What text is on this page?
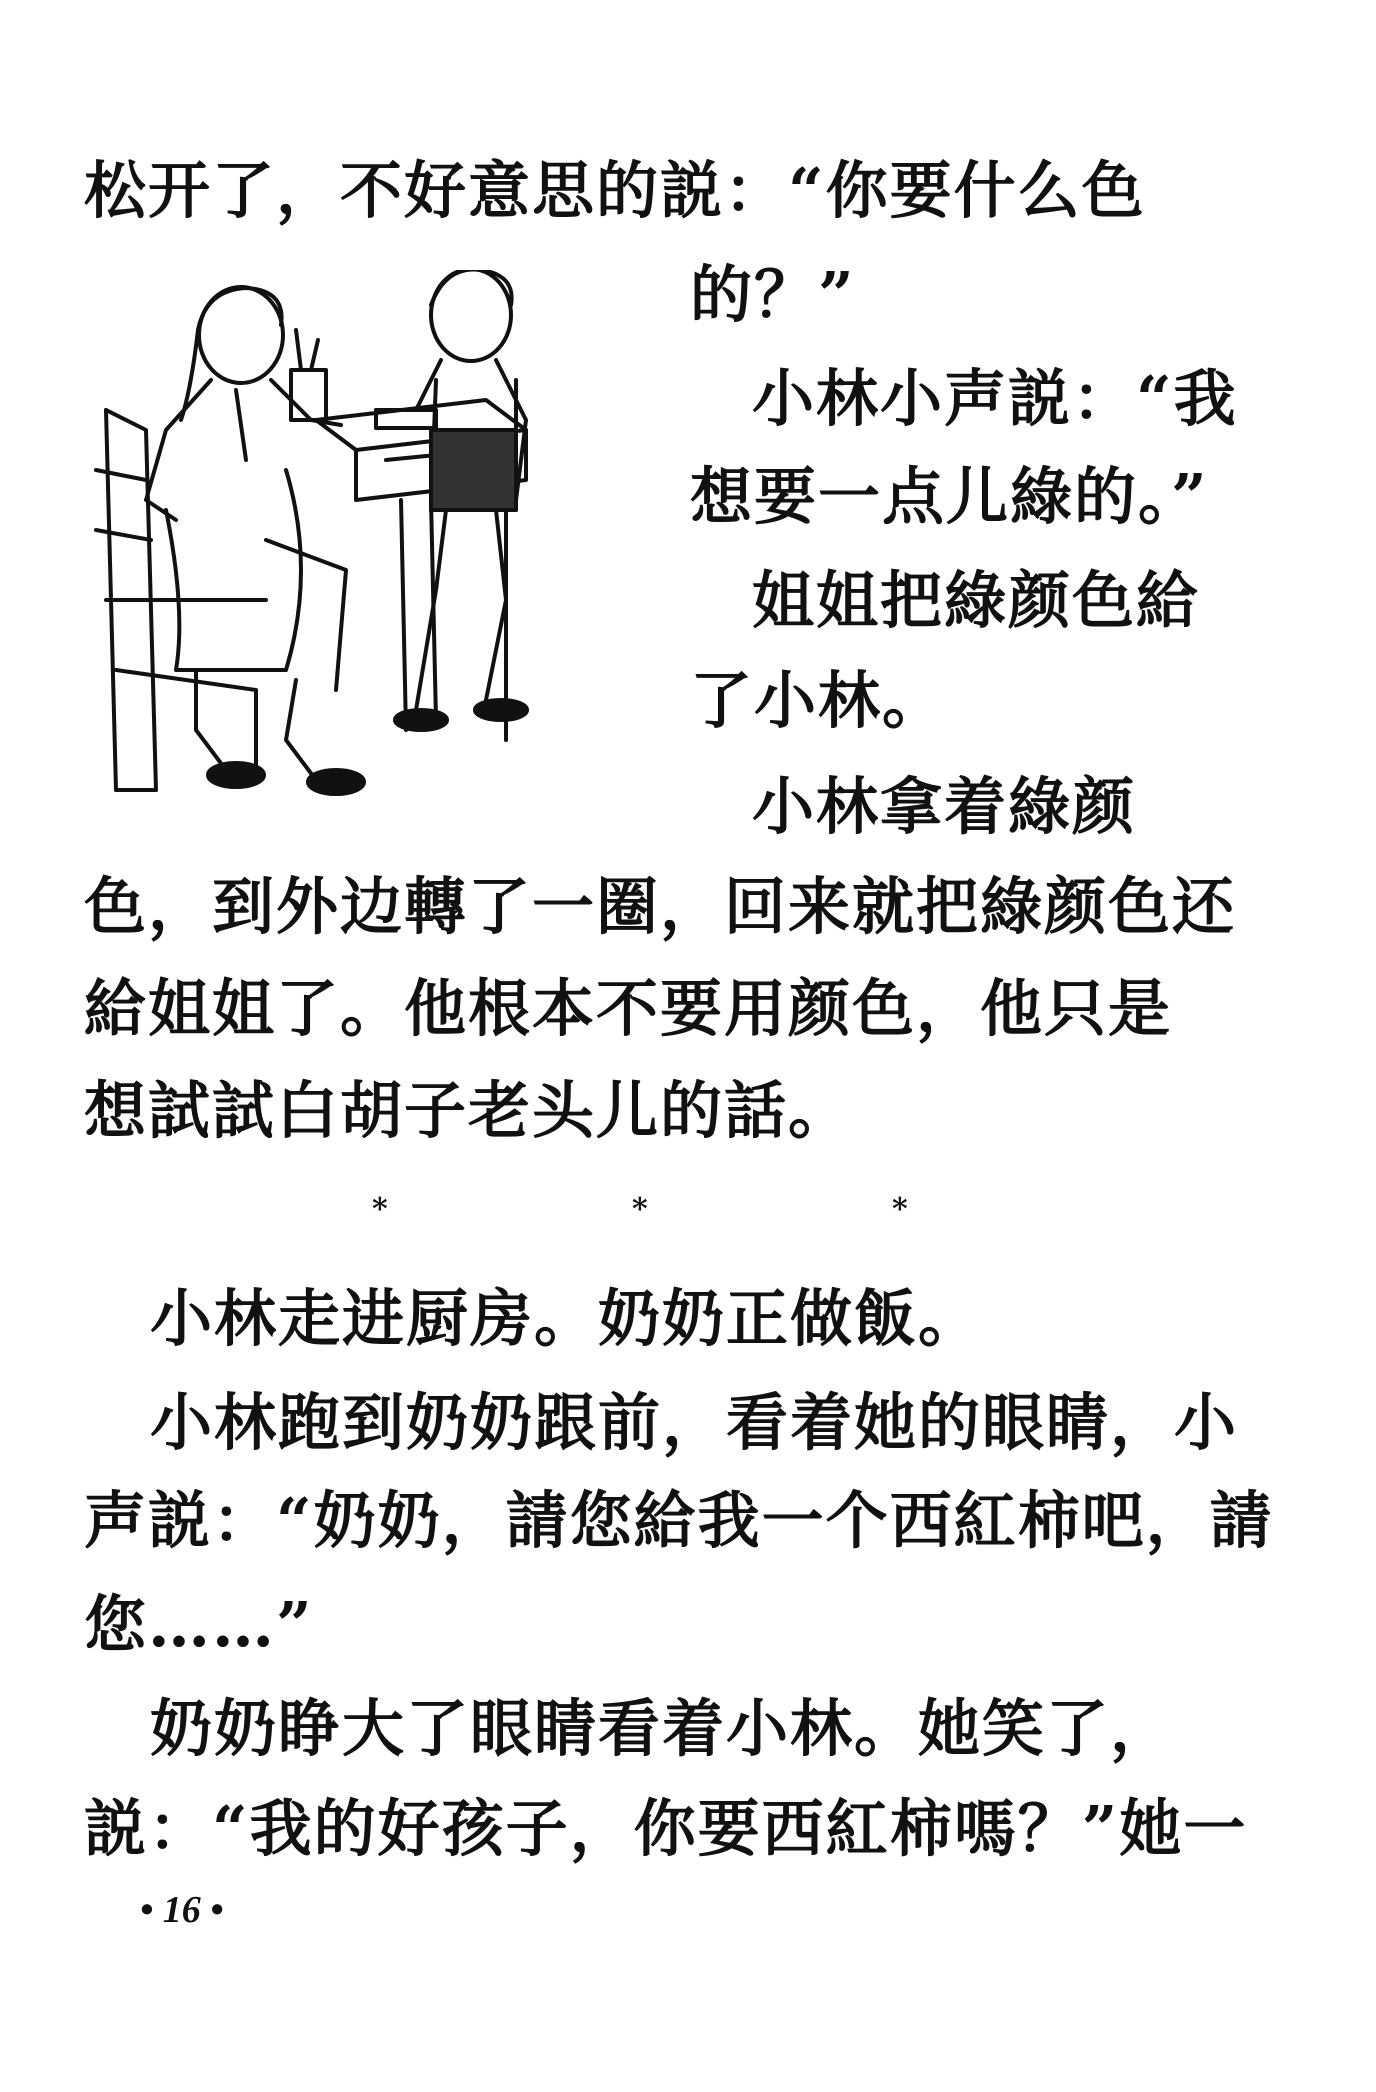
松开了，不好意思的説：“你要什么色
的？”
小林小声説：“我
想要一点儿綠的。”
姐姐把綠颜色給
了小林。
小林拿着綠颜
色，到外边轉了一圈，回来就把綠颜色还
給姐姐了。他根本不要用颜色，他只是
想試試白胡子老头儿的話。
*	*	*
小林走进厨房。奶奶正做飯。
小林跑到奶奶跟前，看着她的眼睛，小
声説：“奶奶，請您給我一个西紅柿吧，請
您……”
奶奶睁大了眼睛看着小林。她笑了，
説：“我的好孩子，你要西紅柿嗎？”她一
• 16 •
